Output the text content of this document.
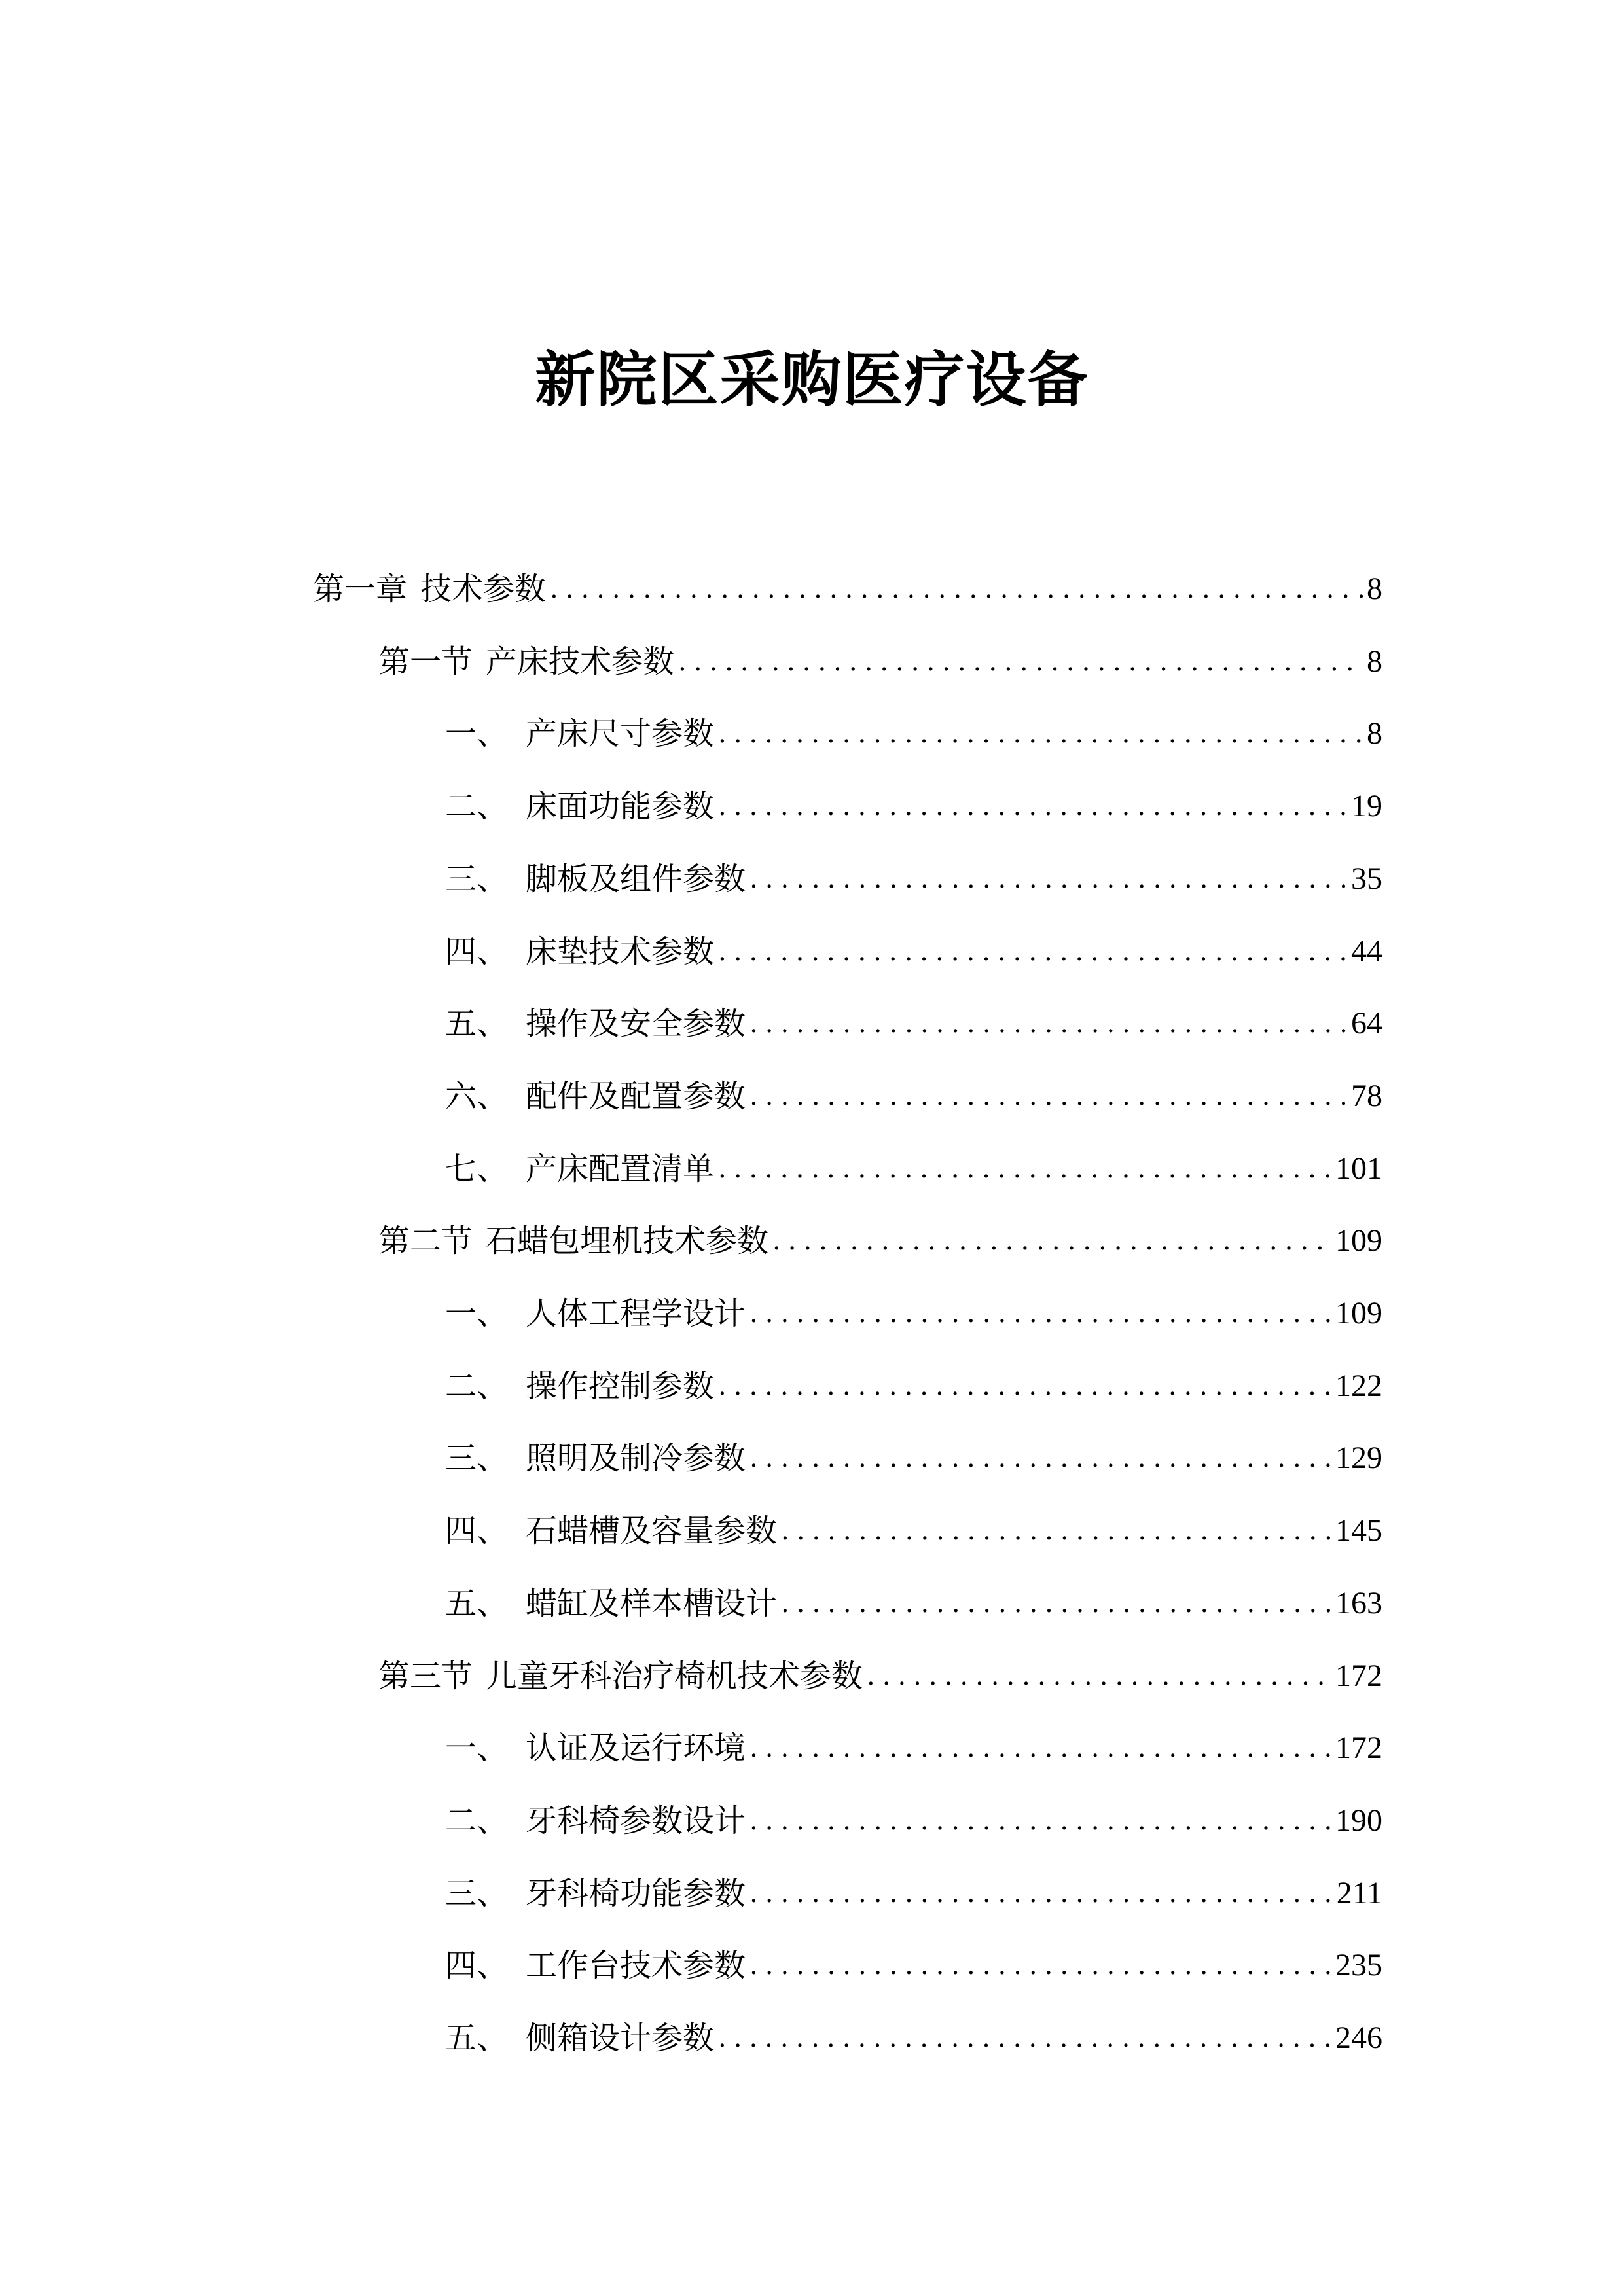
新院区采购医疗设备
第一章 技术参数 .....	8
第一节 产床技术参数 .....	8
一、 产床尺寸参数 .....	8
二、 床面功能参数 .....	19
三、 脚板及组件参数 .....	35
四、 床垫技术参数 .....	44
五、 操作及安全参数 .....	64
六、 配件及配置参数 .....	78
七、 产床配置清单 .....	101
第二节 石蜡包埋机技术参数 .....	109
一、 人体工程学设计 .....	109
二、 操作控制参数 .....	122
三、 照明及制冷参数 .....	129
四、 石蜡槽及容量参数 .....	145
五、 蜡缸及样本槽设计 .....	163
第三节 儿童牙科治疗椅机技术参数 .....	172
一、 认证及运行环境 .....	172
二、 牙科椅参数设计 .....	190
三、 牙科椅功能参数 .....	211
四、 工作台技术参数 .....	235
五、 侧箱设计参数 .....	246
